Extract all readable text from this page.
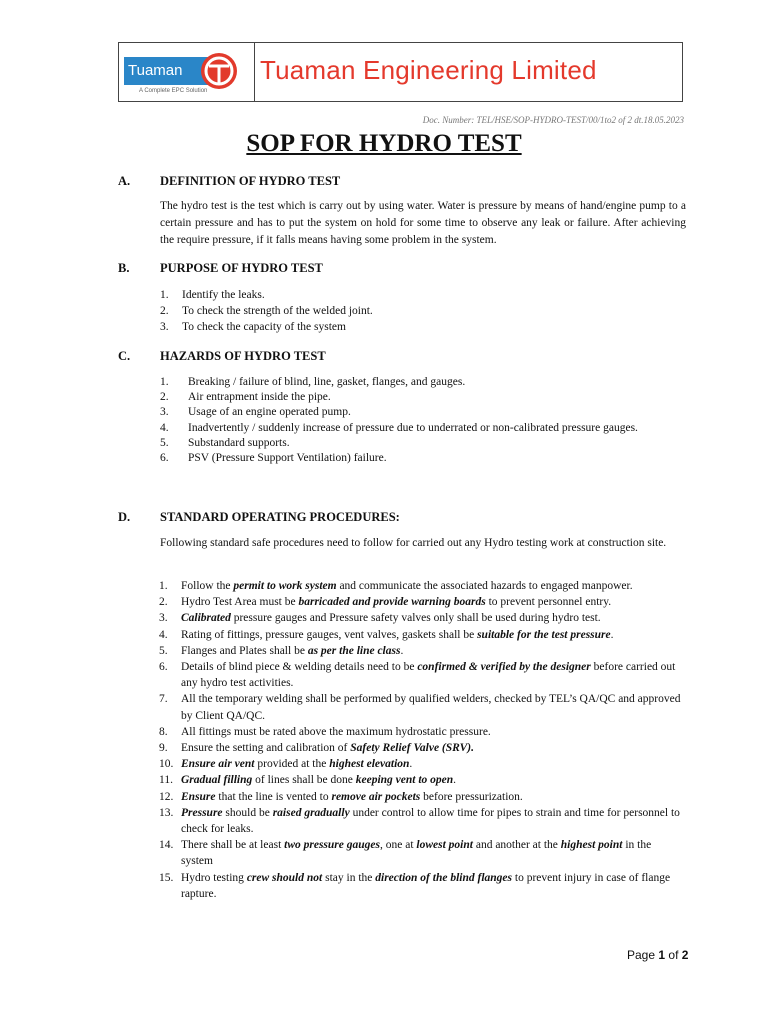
Tuaman
A Complete EPC Solution
Tuaman Engineering Limited
Doc. Number: TEL/HSE/SOP-HYDRO-TEST/00/1to2 of 2 dt.18.05.2023
SOP FOR HYDRO TEST
A. DEFINITION OF HYDRO TEST
The hydro test is the test which is carry out by using water. Water is pressure by means of hand/engine pump to a certain pressure and has to put the system on hold for some time to observe any leak or failure. After achieving the require pressure, if it falls means having some problem in the system.
B. PURPOSE OF HYDRO TEST
1.	Identify the leaks.
2.	To check the strength of the welded joint.
3.	To check the capacity of the system
C. HAZARDS OF HYDRO TEST
1.	Breaking / failure of blind, line, gasket, flanges, and gauges.
2.	Air entrapment inside the pipe.
3.	Usage of an engine operated pump.
4.	Inadvertently / suddenly increase of pressure due to underrated or non-calibrated pressure gauges.
5.	Substandard supports.
6.	PSV (Pressure Support Ventilation) failure.
D. STANDARD OPERATING PROCEDURES:
Following standard safe procedures need to follow for carried out any Hydro testing work at construction site.
1. Follow the permit to work system and communicate the associated hazards to engaged manpower.
2. Hydro Test Area must be barricaded and provide warning boards to prevent personnel entry.
3. Calibrated pressure gauges and Pressure safety valves only shall be used during hydro test.
4. Rating of fittings, pressure gauges, vent valves, gaskets shall be suitable for the test pressure.
5. Flanges and Plates shall be as per the line class.
6. Details of blind piece & welding details need to be confirmed & verified by the designer before carried out any hydro test activities.
7. All the temporary welding shall be performed by qualified welders, checked by TEL’s QA/QC and approved by Client QA/QC.
8. All fittings must be rated above the maximum hydrostatic pressure.
9. Ensure the setting and calibration of Safety Relief Valve (SRV).
10. Ensure air vent provided at the highest elevation.
11. Gradual filling of lines shall be done keeping vent to open.
12. Ensure that the line is vented to remove air pockets before pressurization.
13. Pressure should be raised gradually under control to allow time for pipes to strain and time for personnel to check for leaks.
14. There shall be at least two pressure gauges, one at lowest point and another at the highest point in the system
15. Hydro testing crew should not stay in the direction of the blind flanges to prevent injury in case of flange rapture.
Page 1 of 2
